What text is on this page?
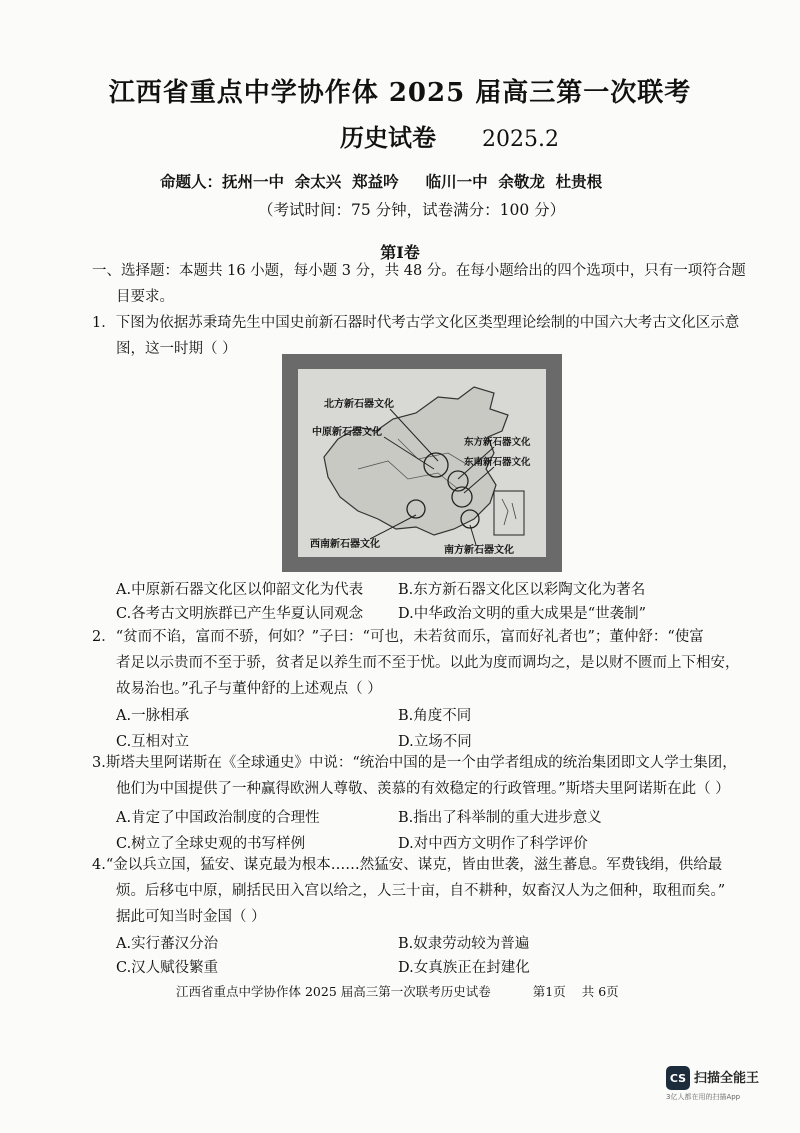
江西省重点中学协作体 2025 届高三第一次联考
历史试卷 2025.2
命题人：抚州一中  余太兴  郑益吟     临川一中  余敬龙  杜贵根
（考试时间：75 分钟，试卷满分：100 分）
第Ⅰ卷
一、选择题：本题共 16 小题，每小题 3 分，共 48 分。在每小题给出的四个选项中，只有一项符合题
目要求。
1．下图为依据苏秉琦先生中国史前新石器时代考古学文化区类型理论绘制的中国六大考古文化区示意
图，这一时期（ ）
北方新石器文化
中原新石器文化
东方新石器文化
东南新石器文化
西南新石器文化
南方新石器文化
A.中原新石器文化区以仰韶文化为代表 B.东方新石器文化区以彩陶文化为著名
C.各考古文明族群已产生华夏认同观念 D.中华政治文明的重大成果是“世袭制”
2．“贫而不谄，富而不骄，何如？”子曰：“可也，未若贫而乐，富而好礼者也”；董仲舒：“使富
者足以示贵而不至于骄，贫者足以养生而不至于忧。以此为度而调均之，是以财不匮而上下相安，
故易治也。”孔子与董仲舒的上述观点（ ）
A.一脉相承	B.角度不同
C.互相对立	D.立场不同
3.斯塔夫里阿诺斯在《全球通史》中说：“统治中国的是一个由学者组成的统治集团即文人学士集团，
他们为中国提供了一种赢得欧洲人尊敬、羡慕的有效稳定的行政管理。”斯塔夫里阿诺斯在此（ ）
A.肯定了中国政治制度的合理性	B.指出了科举制的重大进步意义
C.树立了全球史观的书写样例	D.对中西方文明作了科学评价
4.“金以兵立国，猛安、谋克最为根本……然猛安、谋克，皆由世袭，滋生蕃息。军费钱绢，供给最
烦。后移屯中原，刷括民田入宫以给之，人三十亩，自不耕种，奴畜汉人为之佃种，取租而矣。”
据此可知当时金国（ ）
A.实行蕃汉分治	B.奴隶劳动较为普遍
C.汉人赋役繁重	D.女真族正在封建化
江西省重点中学协作体 2025 届高三第一次联考历史试卷	第1页 共 6页
CS 扫描全能王
3亿人都在用的扫描App
